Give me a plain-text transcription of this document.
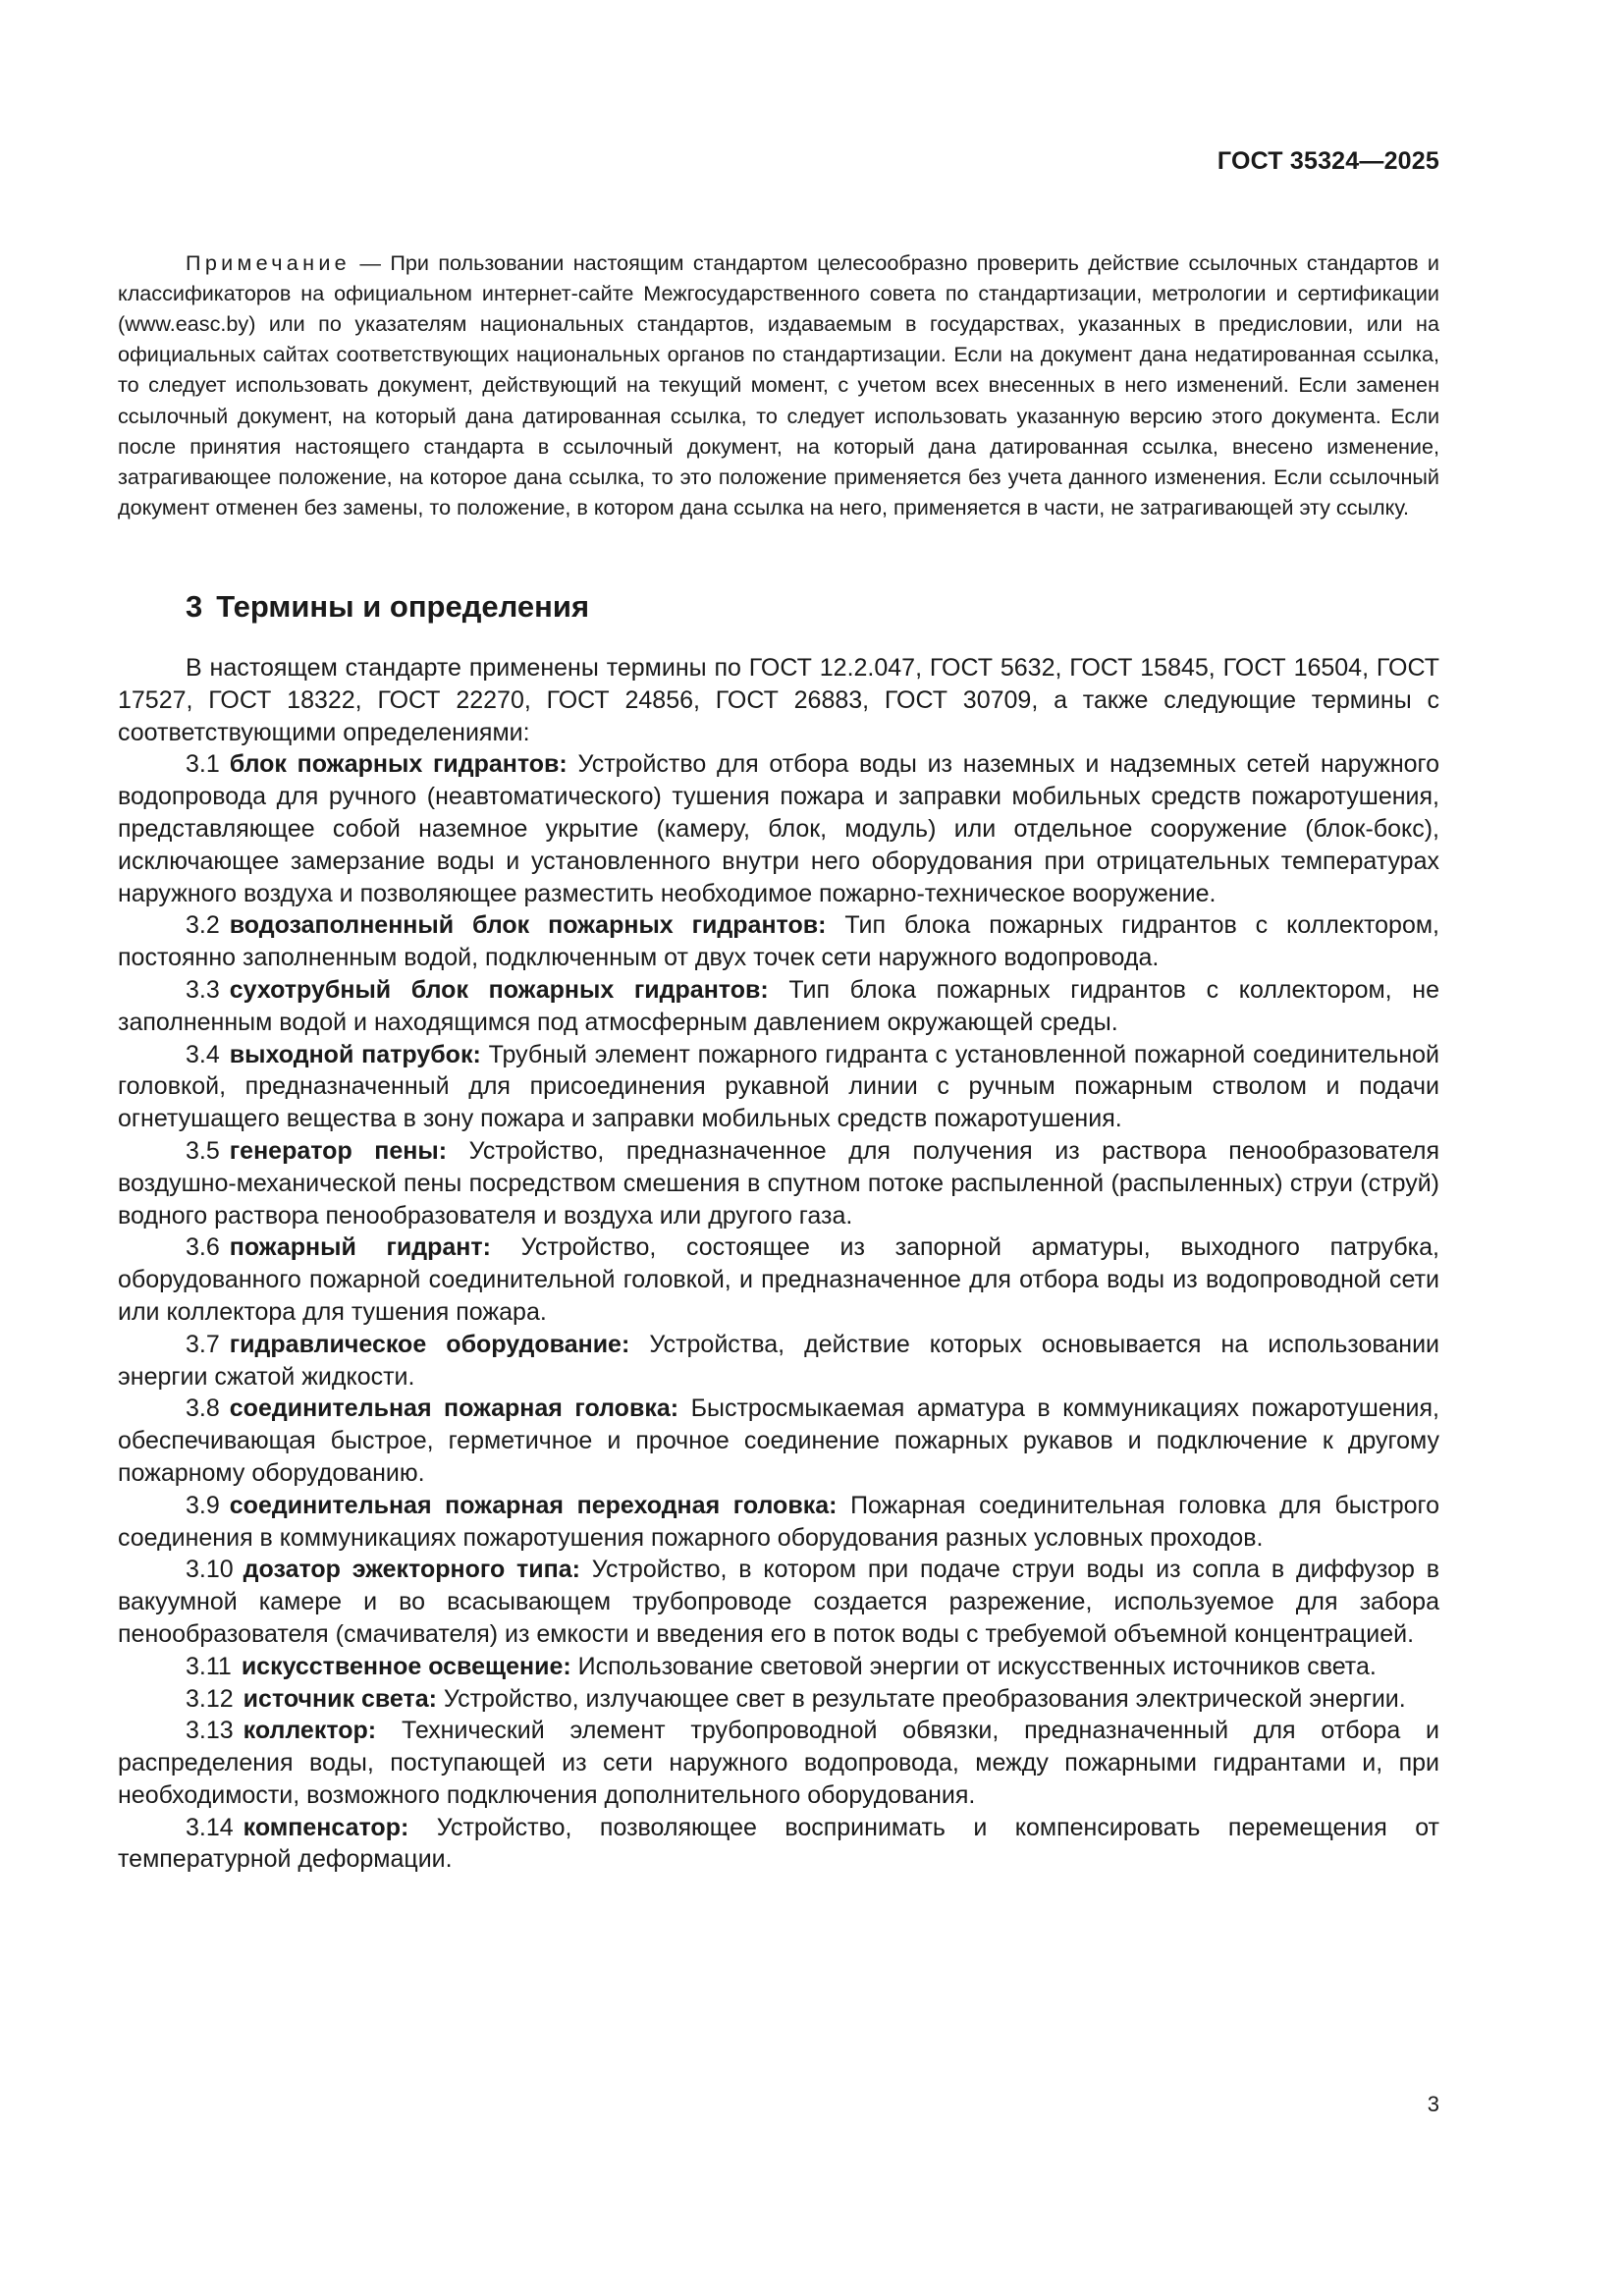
ГОСТ 35324—2025

Примечание — При пользовании настоящим стандартом целесообразно проверить действие ссылочных стандартов и классификаторов на официальном интернет-сайте Межгосударственного совета по стандартизации, метрологии и сертификации (www.easc.by) или по указателям национальных стандартов, издаваемым в государствах, указанных в предисловии, или на официальных сайтах соответствующих национальных органов по стандартизации. Если на документ дана недатированная ссылка, то следует использовать документ, действующий на текущий момент, с учетом всех внесенных в него изменений. Если заменен ссылочный документ, на который дана датированная ссылка, то следует использовать указанную версию этого документа. Если после принятия настоящего стандарта в ссылочный документ, на который дана датированная ссылка, внесено изменение, затрагивающее положение, на которое дана ссылка, то это положение применяется без учета данного изменения. Если ссылочный документ отменен без замены, то положение, в котором дана ссылка на него, применяется в части, не затрагивающей эту ссылку.

3 Термины и определения

В настоящем стандарте применены термины по ГОСТ 12.2.047, ГОСТ 5632, ГОСТ 15845, ГОСТ 16504, ГОСТ 17527, ГОСТ 18322, ГОСТ 22270, ГОСТ 24856, ГОСТ 26883, ГОСТ 30709, а также следующие термины с соответствующими определениями:

3.1 блок пожарных гидрантов: Устройство для отбора воды из наземных и надземных сетей наружного водопровода для ручного (неавтоматического) тушения пожара и заправки мобильных средств пожаротушения, представляющее собой наземное укрытие (камеру, блок, модуль) или отдельное сооружение (блок-бокс), исключающее замерзание воды и установленного внутри него оборудования при отрицательных температурах наружного воздуха и позволяющее разместить необходимое пожарно-техническое вооружение.

3.2 водозаполненный блок пожарных гидрантов: Тип блока пожарных гидрантов с коллектором, постоянно заполненным водой, подключенным от двух точек сети наружного водопровода.

3.3 сухотрубный блок пожарных гидрантов: Тип блока пожарных гидрантов с коллектором, не заполненным водой и находящимся под атмосферным давлением окружающей среды.

3.4 выходной патрубок: Трубный элемент пожарного гидранта с установленной пожарной соединительной головкой, предназначенный для присоединения рукавной линии с ручным пожарным стволом и подачи огнетушащего вещества в зону пожара и заправки мобильных средств пожаротушения.

3.5 генератор пены: Устройство, предназначенное для получения из раствора пенообразователя воздушно-механической пены посредством смешения в спутном потоке распыленной (распыленных) струи (струй) водного раствора пенообразователя и воздуха или другого газа.

3.6 пожарный гидрант: Устройство, состоящее из запорной арматуры, выходного патрубка, оборудованного пожарной соединительной головкой, и предназначенное для отбора воды из водопроводной сети или коллектора для тушения пожара.

3.7 гидравлическое оборудование: Устройства, действие которых основывается на использовании энергии сжатой жидкости.

3.8 соединительная пожарная головка: Быстросмыкаемая арматура в коммуникациях пожаротушения, обеспечивающая быстрое, герметичное и прочное соединение пожарных рукавов и подключение к другому пожарному оборудованию.

3.9 соединительная пожарная переходная головка: Пожарная соединительная головка для быстрого соединения в коммуникациях пожаротушения пожарного оборудования разных условных проходов.

3.10 дозатор эжекторного типа: Устройство, в котором при подаче струи воды из сопла в диффузор в вакуумной камере и во всасывающем трубопроводе создается разрежение, используемое для забора пенообразователя (смачивателя) из емкости и введения его в поток воды с требуемой объемной концентрацией.

3.11 искусственное освещение: Использование световой энергии от искусственных источников света.

3.12 источник света: Устройство, излучающее свет в результате преобразования электрической энергии.

3.13 коллектор: Технический элемент трубопроводной обвязки, предназначенный для отбора и распределения воды, поступающей из сети наружного водопровода, между пожарными гидрантами и, при необходимости, возможного подключения дополнительного оборудования.

3.14 компенсатор: Устройство, позволяющее воспринимать и компенсировать перемещения от температурной деформации.

3
